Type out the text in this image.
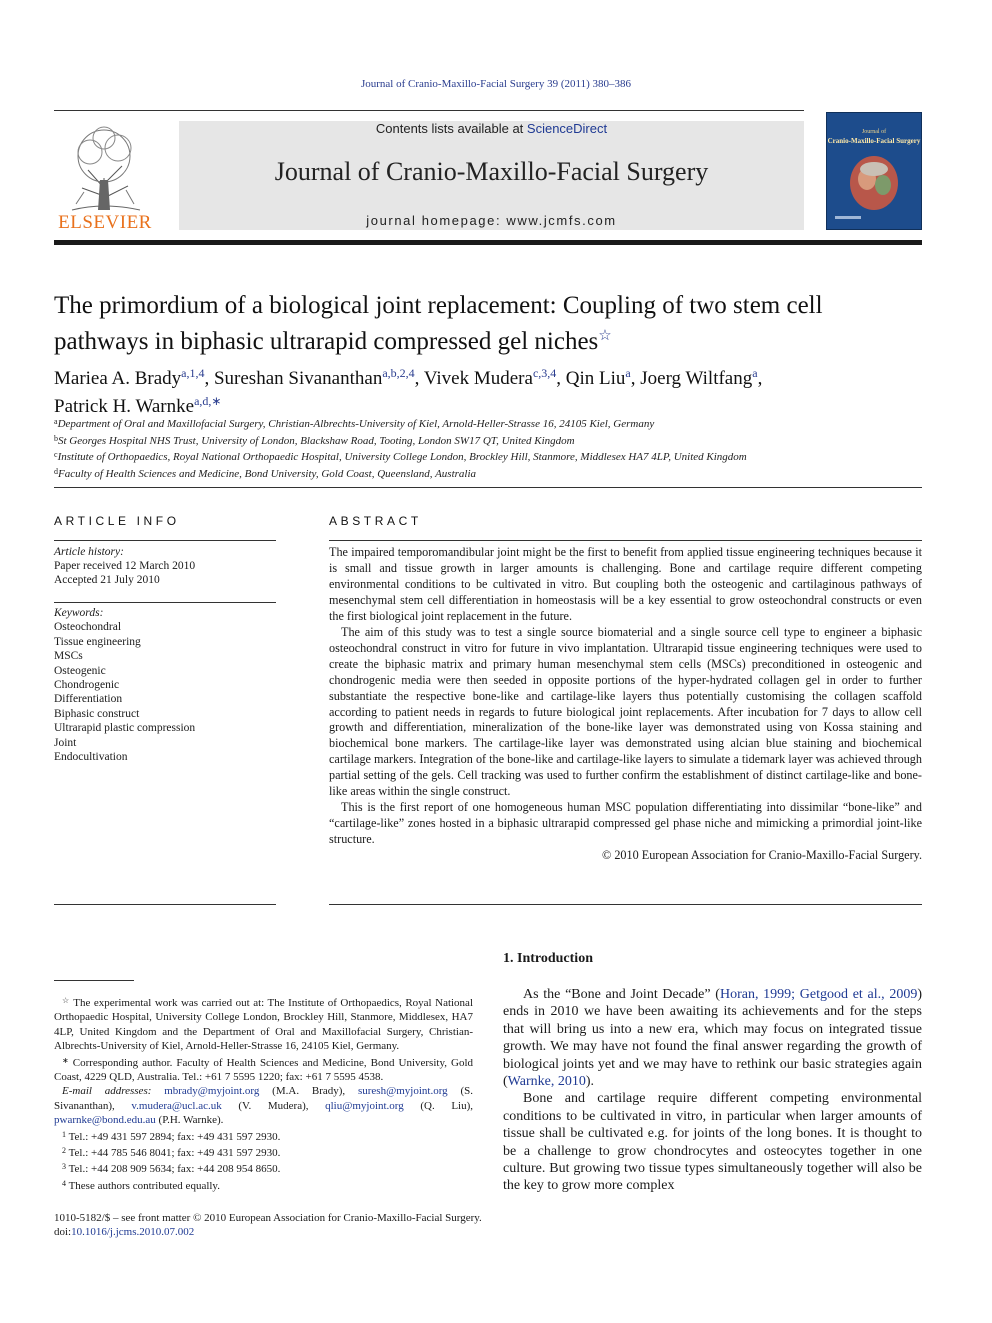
Journal of Cranio-Maxillo-Facial Surgery 39 (2011) 380–386
ELSEVIER
Contents lists available at ScienceDirect
Journal of Cranio-Maxillo-Facial Surgery
journal homepage: www.jcmfs.com
Journal of
Cranio-Maxillo-Facial Surgery
The primordium of a biological joint replacement: Coupling of two stem cell pathways in biphasic ultrarapid compressed gel niches☆
Mariea A. Brady$^{a,1,4}$, Sureshan Sivananthan$^{a,b,2,4}$, Vivek Mudera$^{c,3,4}$, Qin Liu$^a$, Joerg Wiltfang$^a$,
Patrick H. Warnke$^{a,d,∗}$
$^a$Department of Oral and Maxillofacial Surgery, Christian-Albrechts-University of Kiel, Arnold-Heller-Strasse 16, 24105 Kiel, Germany
$^b$St Georges Hospital NHS Trust, University of London, Blackshaw Road, Tooting, London SW17 QT, United Kingdom
$^c$Institute of Orthopaedics, Royal National Orthopaedic Hospital, University College London, Brockley Hill, Stanmore, Middlesex HA7 4LP, United Kingdom
$^d$Faculty of Health Sciences and Medicine, Bond University, Gold Coast, Queensland, Australia
ARTICLE INFO
Article history:
Paper received 12 March 2010
Accepted 21 July 2010
Keywords:
Osteochondral
Tissue engineering
MSCs
Osteogenic
Chondrogenic
Differentiation
Biphasic construct
Ultrarapid plastic compression
Joint
Endocultivation
ABSTRACT

The impaired temporomandibular joint might be the first to benefit from applied tissue engineering techniques because it is small and tissue growth in larger amounts is challenging. Bone and cartilage require different competing environmental conditions to be cultivated in vitro. But coupling both the osteogenic and cartilaginous pathways of mesenchymal stem cell differentiation in homeostasis will be a key essential to grow osteochondral constructs or even the first biological joint replacement in the future.

The aim of this study was to test a single source biomaterial and a single source cell type to engineer a biphasic osteochondral construct in vitro for future in vivo implantation. Ultrarapid tissue engineering techniques were used to create the biphasic matrix and primary human mesenchymal stem cells (MSCs) preconditioned in osteogenic and chondrogenic media were then seeded in opposite portions of the hyper-hydrated collagen gel in order to further substantiate the respective bone-like and cartilage-like layers thus potentially customising the collagen scaffold according to patient needs in regards to future biological joint replacements. After incubation for 7 days to allow cell growth and differentiation, mineralization of the bone-like layer was demonstrated using von Kossa staining and biochemical bone markers. The cartilage-like layer was demonstrated using alcian blue staining and biochemical cartilage markers. Integration of the bone-like and cartilage-like layers to simulate a tidemark layer was achieved through partial setting of the gels. Cell tracking was used to further confirm the establishment of distinct cartilage-like and bone-like areas within the single construct.

This is the first report of one homogeneous human MSC population differentiating into dissimilar “bone-like” and “cartilage-like” zones hosted in a biphasic ultrarapid compressed gel phase niche and mimicking a primordial joint-like structure.

© 2010 European Association for Cranio-Maxillo-Facial Surgery.

1. Introduction

As the “Bone and Joint Decade” (Horan, 1999; Getgood et al., 2009) ends in 2010 we have been awaiting its achievements and for the steps that will bring us into a new era, which may focus on integrated tissue growth. We may have not found the final answer regarding the growth of biological joints yet and we may have to rethink our basic strategies again (Warnke, 2010).

Bone and cartilage require different competing environmental conditions to be cultivated in vitro, in particular when larger amounts of tissue shall be cultivated e.g. for joints of the long bones. It is thought to be a challenge to grow chondrocytes and osteocytes together in one culture. But growing two tissue types simultaneously together will also be the key to grow more complex

☆ The experimental work was carried out at: The Institute of Orthopaedics, Royal National Orthopaedic Hospital, University College London, Brockley Hill, Stanmore, Middlesex, HA7 4LP, United Kingdom and the Department of Oral and Maxillofacial Surgery, Christian-Albrechts-University of Kiel, Arnold-Heller-Strasse 16, 24105 Kiel, Germany.
∗ Corresponding author. Faculty of Health Sciences and Medicine, Bond University, Gold Coast, 4229 QLD, Australia. Tel.: +61 7 5595 1220; fax: +61 7 5595 4538.
E-mail addresses: mbrady@myjoint.org (M.A. Brady), suresh@myjoint.org (S. Sivananthan), v.mudera@ucl.ac.uk (V. Mudera), qliu@myjoint.org (Q. Liu), pwarnke@bond.edu.au (P.H. Warnke).
$^1$ Tel.: +49 431 597 2894; fax: +49 431 597 2930.
$^2$ Tel.: +44 785 546 8041; fax: +49 431 597 2930.
$^3$ Tel.: +44 208 909 5634; fax: +44 208 954 8650.
$^4$ These authors contributed equally.
1010-5182/$ – see front matter © 2010 European Association for Cranio-Maxillo-Facial Surgery.
doi:10.1016/j.jcms.2010.07.002
